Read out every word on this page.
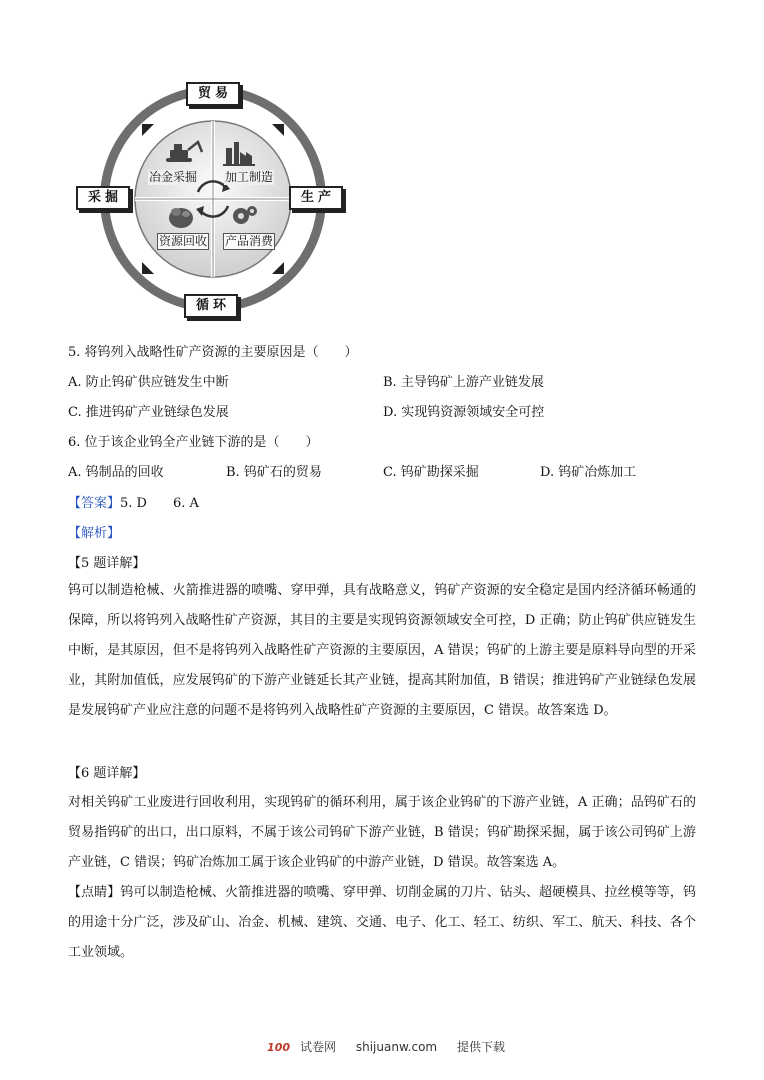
贸易
采掘	生产
循环
冶金采掘 加工制造
资源回收 产品消费
5. 将钨列入战略性矿产资源的主要原因是（　　）
A. 防止钨矿供应链发生中断	B. 主导钨矿上游产业链发展
C. 推进钨矿产业链绿色发展	D. 实现钨资源领域安全可控
6. 位于该企业钨全产业链下游的是（　　）
A. 钨制品的回收	B. 钨矿石的贸易	C. 钨矿勘探采掘	D. 钨矿冶炼加工
【答案】5. D 6. A
【解析】
【5 题详解】
钨可以制造枪械、火箭推进器的喷嘴、穿甲弹，具有战略意义，钨矿产资源的安全稳定是国内经济循环畅通的保障，所以将钨列入战略性矿产资源，其目的主要是实现钨资源领域安全可控，D 正确；防止钨矿供应链发生中断，是其原因，但不是将钨列入战略性矿产资源的主要原因，A 错误；钨矿的上游主要是原料导向型的开采业，其附加值低，应发展钨矿的下游产业链延长其产业链，提高其附加值，B 错误；推进钨矿产业链绿色发展是发展钨矿产业应注意的问题不是将钨列入战略性矿产资源的主要原因，C 错误。故答案选 D。
【6 题详解】
对相关钨矿工业废进行回收利用，实现钨矿的循环利用，属于该企业钨矿的下游产业链，A 正确；品钨矿石的贸易指钨矿的出口，出口原料，不属于该公司钨矿下游产业链，B 错误；钨矿勘探采掘，属于该公司钨矿上游产业链，C 错误；钨矿冶炼加工属于该企业钨矿的中游产业链，D 错误。故答案选 A。
【点睛】钨可以制造枪械、火箭推进器的喷嘴、穿甲弹、切削金属的刀片、钻头、超硬模具、拉丝模等等，钨的用途十分广泛，涉及矿山、冶金、机械、建筑、交通、电子、化工、轻工、纺织、军工、航天、科技、各个工业领域。
100 试卷网 shijuanw.com 提供下载
